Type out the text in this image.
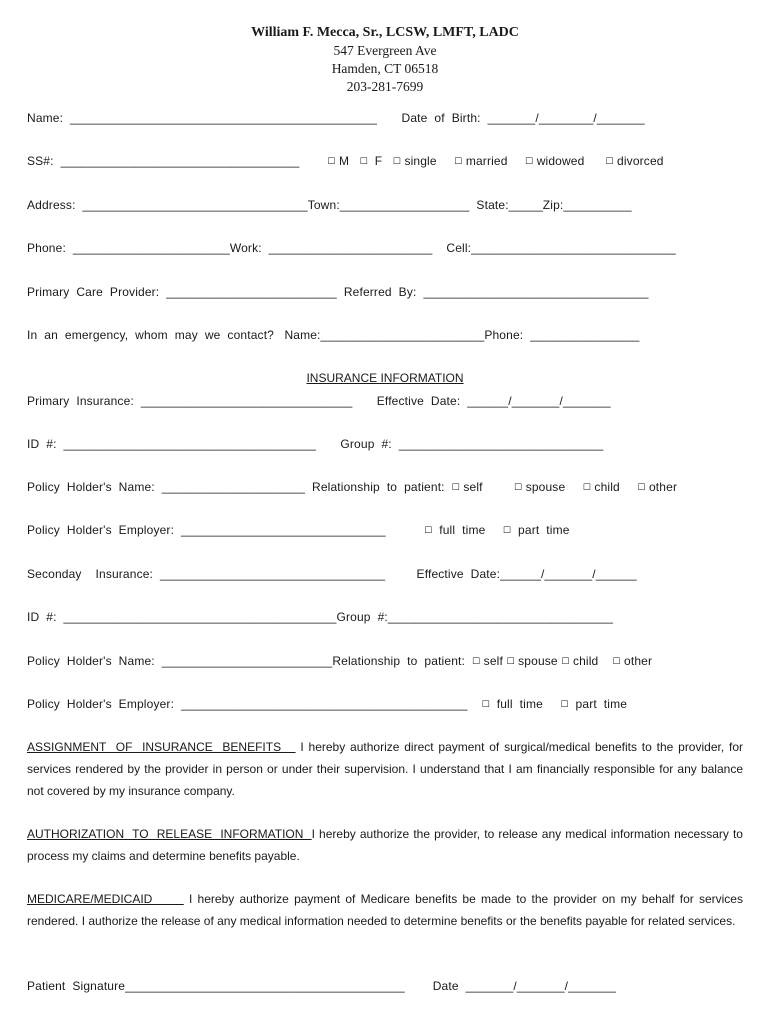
William F. Mecca, Sr., LCSW, LMFT, LADC
547 Evergreen Ave
Hamden, CT 06518
203-281-7699
Name:  _____________________________________________       Date  of  Birth:  _______/________/_______
SS#:  ___________________________________        ☐ M ☐ F ☐ single ☐ married ☐ widowed ☐ divorced
Address:  _________________________________Town:___________________  State:_____Zip:__________
Phone:  _______________________Work:  ________________________    Cell:______________________________
Primary  Care  Provider:  _________________________  Referred  By:  _________________________________
In  an  emergency,  whom  may  we  contact?   Name:________________________Phone:  ________________
INSURANCE INFORMATION
Primary  Insurance:  _______________________________       Effective  Date:  ______/_______/_______
ID  #:  _____________________________________       Group  #:  ______________________________
Policy  Holder's  Name:  _____________________  Relationship  to  patient:  ☐ self	☐ spouse ☐ child ☐ other
Policy  Holder's  Employer:  ______________________________           ☐ full  time ☐ part  time
Seconday    Insurance:  _________________________________         Effective  Date:______/_______/______
ID  #:  ________________________________________Group  #:_________________________________
Policy  Holder's  Name:  _________________________Relationship  to  patient:  ☐ self ☐ spouse ☐ child ☐ other
Policy  Holder's  Employer:  __________________________________________    ☐ full  time ☐ part  time
ASSIGNMENT  OF  INSURANCE  BENEFITS    I hereby authorize direct payment of surgical/medical benefits to the provider, for services rendered by the provider in person or under their supervision. I understand that I am financially responsible for any balance not covered by my insurance company.
AUTHORIZATION  TO  RELEASE  INFORMATION  I hereby authorize the provider, to release any medical information necessary to process my claims and determine benefits payable.
MEDICARE/MEDICAID       I hereby authorize payment of Medicare benefits be made to the provider on my behalf for services rendered. I authorize the release of any medical information needed to determine benefits or the benefits payable for related services.
Patient  Signature_________________________________________        Date  _______/_______/_______
